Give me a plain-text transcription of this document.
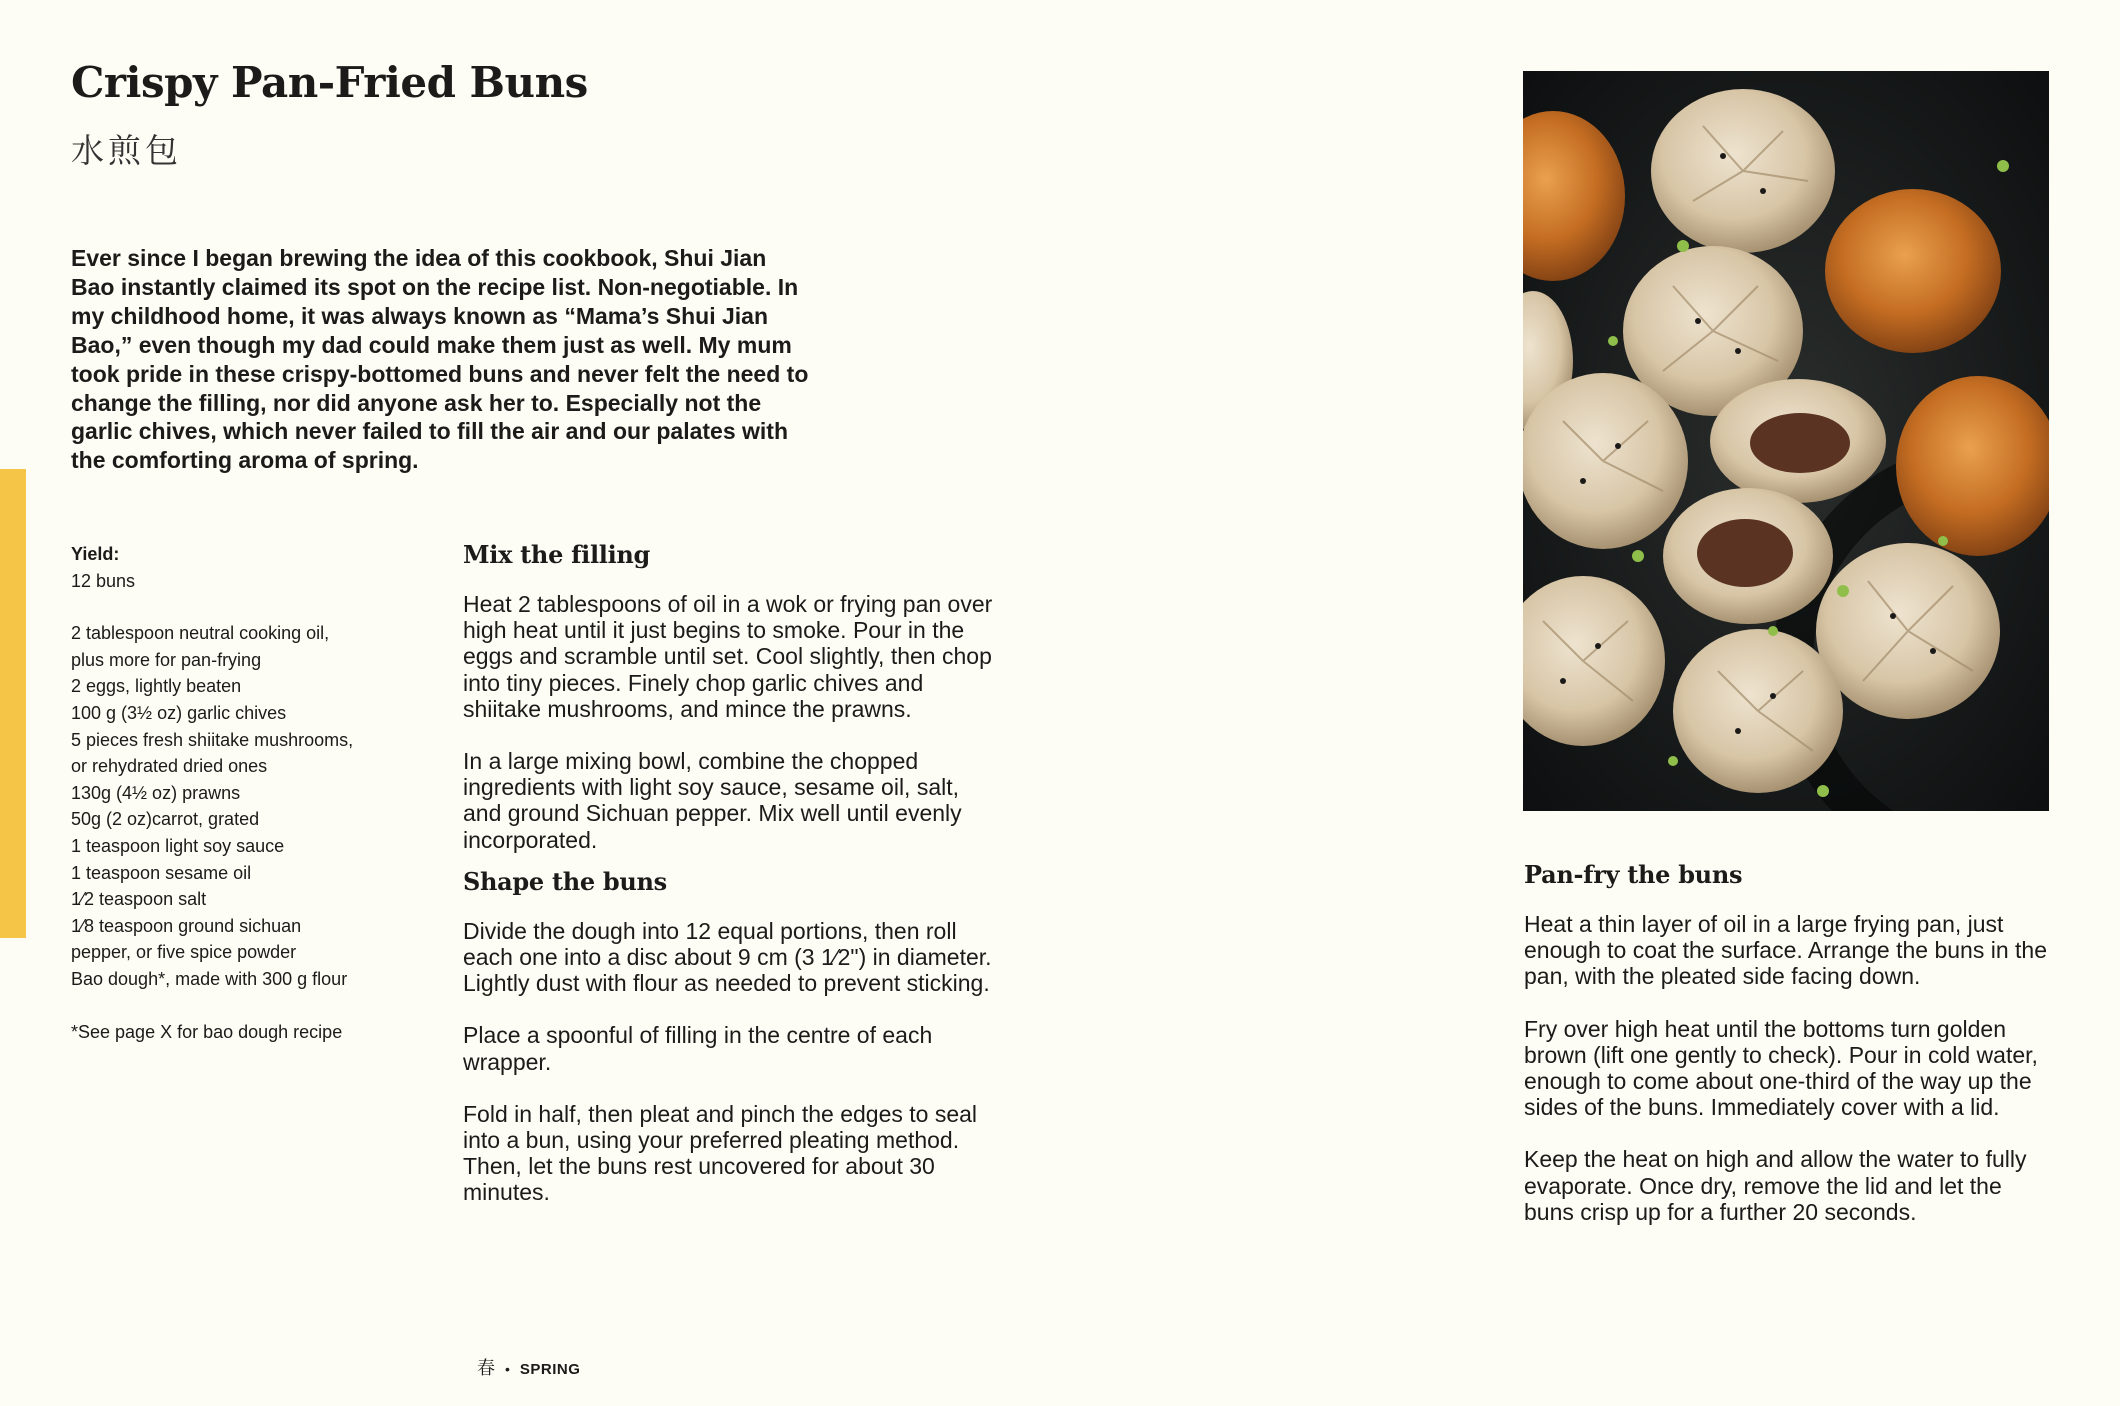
Crispy Pan-Fried Buns
水煎包

Ever since I began brewing the idea of this cookbook, Shui Jian Bao instantly claimed its spot on the recipe list. Non-negotiable. In my childhood home, it was always known as “Mama’s Shui Jian Bao,” even though my dad could make them just as well. My mum took pride in these crispy-bottomed buns and never felt the need to change the filling, nor did anyone ask her to. Especially not the garlic chives, which never failed to fill the air and our palates with the comforting aroma of spring.

Yield:
12 buns
2 tablespoon neutral cooking oil,
plus more for pan-frying
2 eggs, lightly beaten
100 g (3½ oz) garlic chives
5 pieces fresh shiitake mushrooms,
or rehydrated dried ones
130g (4½ oz) prawns
50g (2 oz)carrot, grated
1 teaspoon light soy sauce
1 teaspoon sesame oil
1⁄2 teaspoon salt
1⁄8 teaspoon ground sichuan
pepper, or five spice powder
Bao dough*, made with 300 g flour
*See page X for bao dough recipe
Mix the filling

Heat 2 tablespoons of oil in a wok or frying pan over high heat until it just begins to smoke. Pour in the eggs and scramble until set. Cool slightly, then chop into tiny pieces. Finely chop garlic chives and shiitake mushrooms, and mince the prawns.

In a large mixing bowl, combine the chopped ingredients with light soy sauce, sesame oil, salt, and ground Sichuan pepper. Mix well until evenly incorporated.

Shape the buns

Divide the dough into 12 equal portions, then roll each one into a disc about 9 cm (3 1⁄2") in diameter. Lightly dust with flour as needed to prevent sticking.

Place a spoonful of filling in the centre of each wrapper.

Fold in half, then pleat and pinch the edges to seal into a bun, using your preferred pleating method. Then, let the buns rest uncovered for about 30 minutes.

Pan-fry the buns

Heat a thin layer of oil in a large frying pan, just enough to coat the surface. Arrange the buns in the pan, with the pleated side facing down.

Fry over high heat until the bottoms turn golden brown (lift one gently to check). Pour in cold water, enough to come about one-third of the way up the sides of the buns. Immediately cover with a lid.

Keep the heat on high and allow the water to fully evaporate. Once dry, remove the lid and let the buns crisp up for a further 20 seconds.

春 • SPRING
